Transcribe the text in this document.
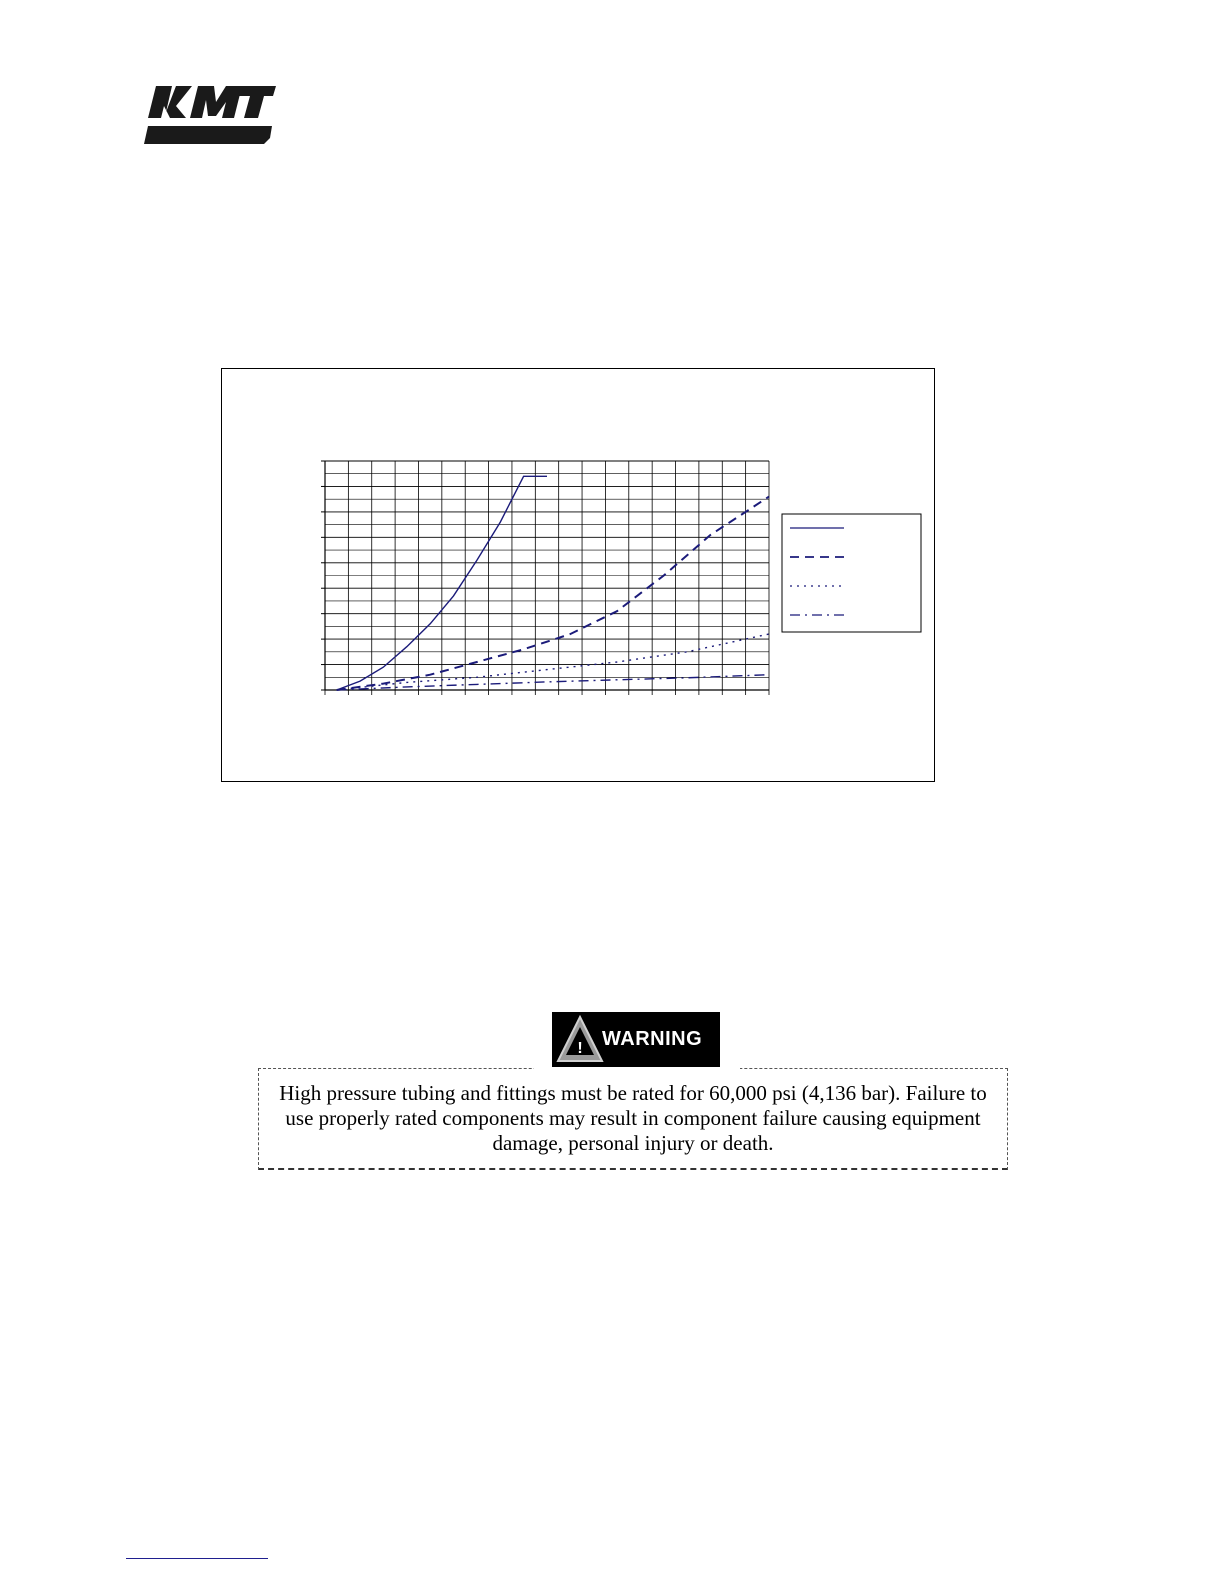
! WARNING

High pressure tubing and fittings must be rated for 60,000 psi (4,136 bar). Failure to use properly rated components may result in component failure causing equipment damage, personal injury or death.
